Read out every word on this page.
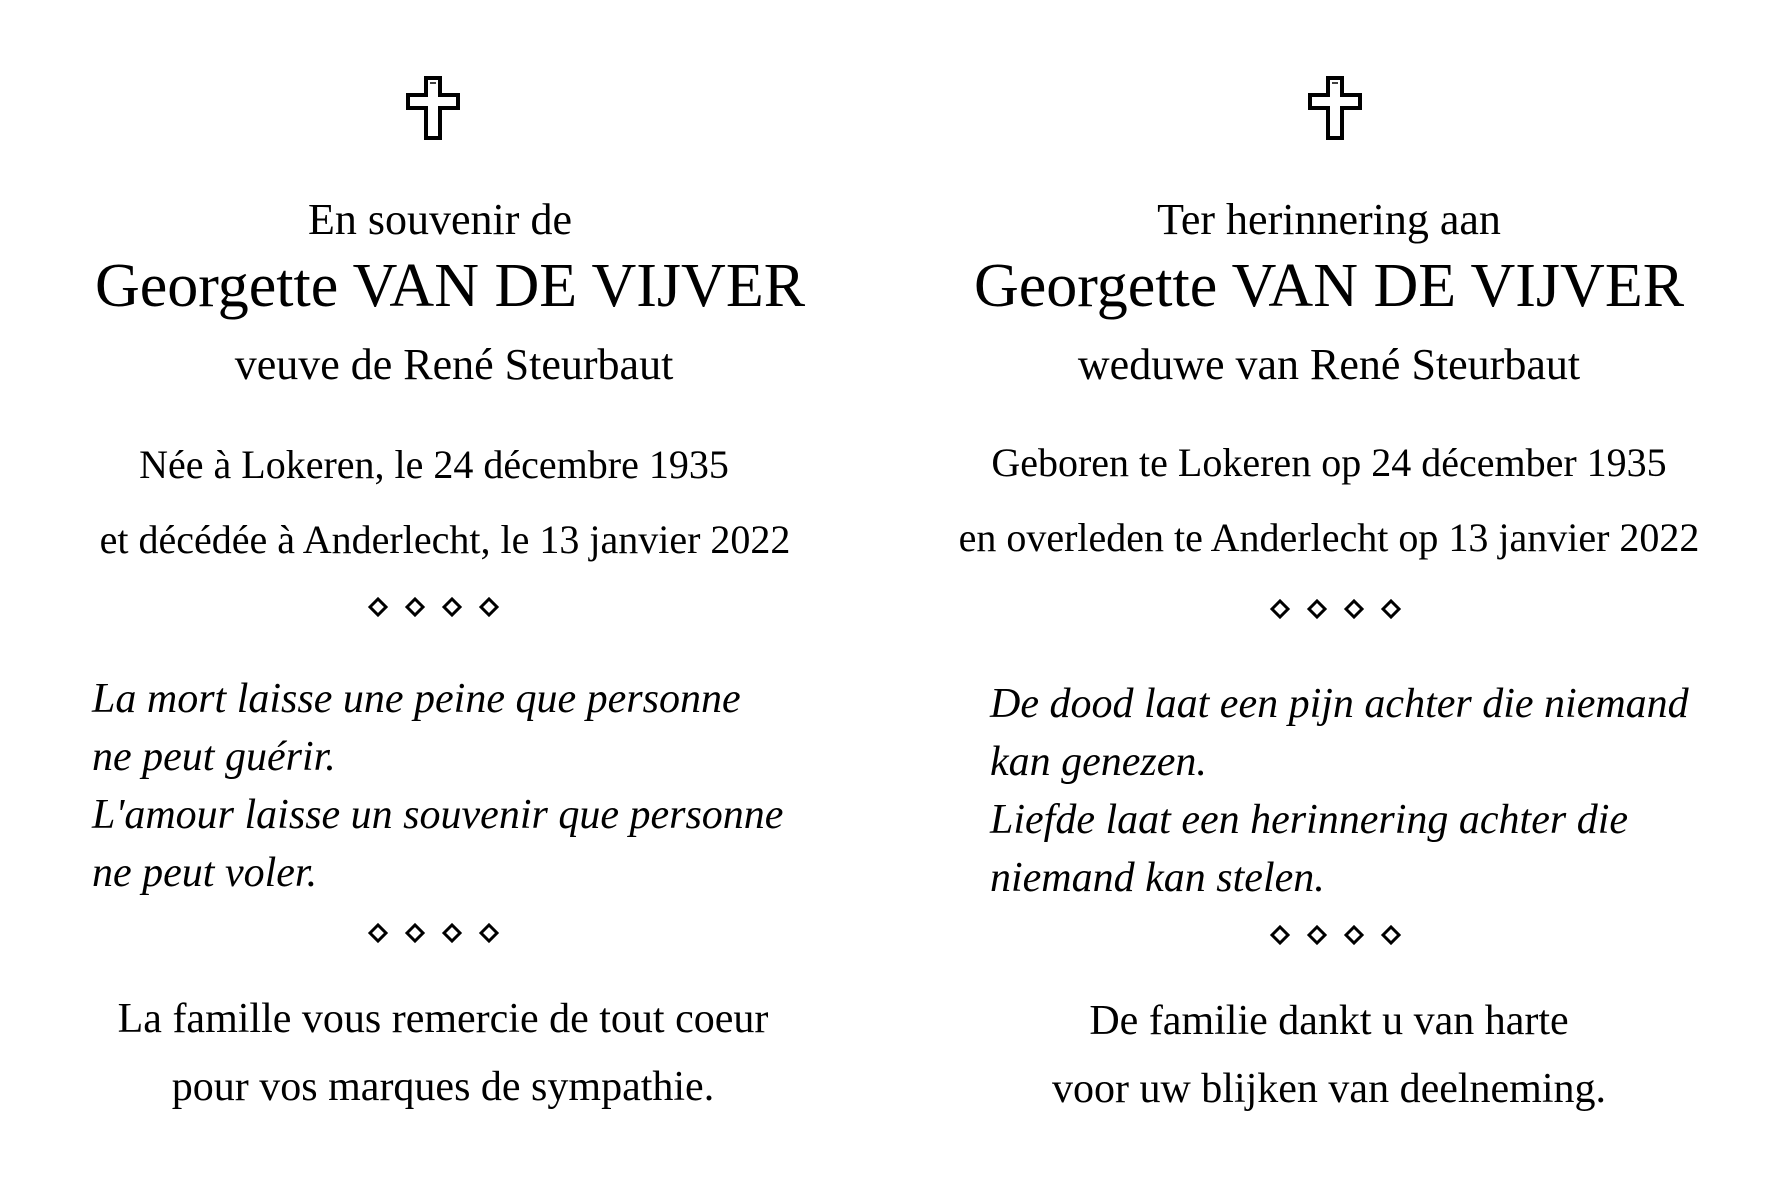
En souvenir de
Georgette VAN DE VIJVER
veuve de René Steurbaut
Née à Lokeren, le 24 décembre 1935
et décédée à Anderlecht, le 13 janvier 2022
La mort laisse une peine que personne
ne peut guérir.
L'amour laisse un souvenir que personne
ne peut voler.
La famille vous remercie de tout coeur
pour vos marques de sympathie.
Ter herinnering aan
Georgette VAN DE VIJVER
weduwe van René Steurbaut
Geboren te Lokeren op 24 décember 1935
en overleden te Anderlecht op 13 janvier 2022
De dood laat een pijn achter die niemand
kan genezen.
Liefde laat een herinnering achter die
niemand kan stelen.
De familie dankt u van harte
voor uw blijken van deelneming.
